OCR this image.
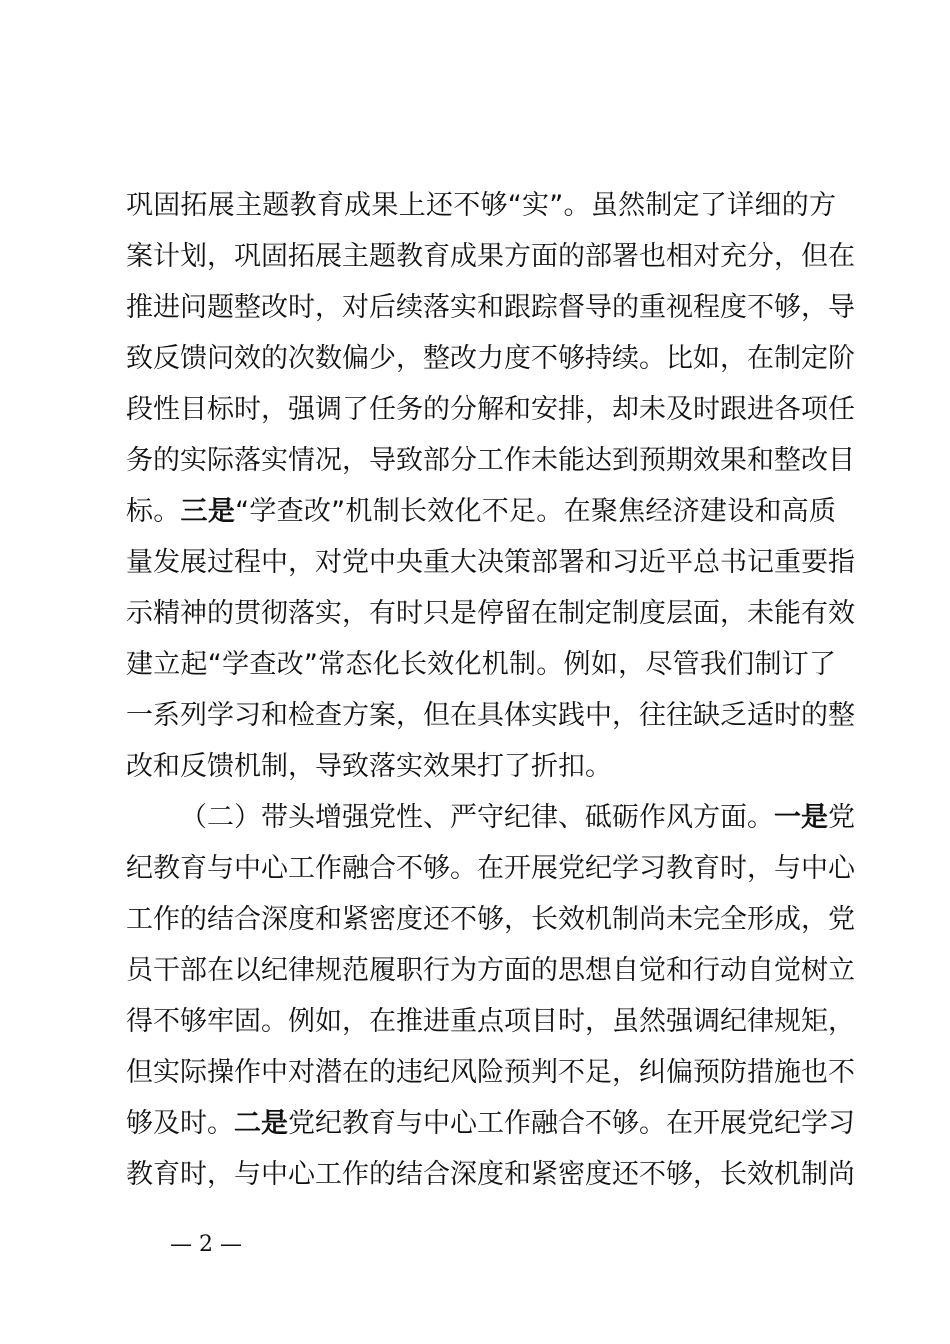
巩固拓展主题教育成果上还不够“实”。虽然制定了详细的方
案计划，巩固拓展主题教育成果方面的部署也相对充分，但在
推进问题整改时，对后续落实和跟踪督导的重视程度不够，导
致反馈问效的次数偏少，整改力度不够持续。比如，在制定阶
段性目标时，强调了任务的分解和安排，却未及时跟进各项任
务的实际落实情况，导致部分工作未能达到预期效果和整改目
标。三是“学查改”机制长效化不足。在聚焦经济建设和高质
量发展过程中，对党中央重大决策部署和习近平总书记重要指
示精神的贯彻落实，有时只是停留在制定制度层面，未能有效
建立起“学查改”常态化长效化机制。例如，尽管我们制订了
一系列学习和检查方案，但在具体实践中，往往缺乏适时的整
改和反馈机制，导致落实效果打了折扣。
（二）带头增强党性、严守纪律、砥砺作风方面。一是党
纪教育与中心工作融合不够。在开展党纪学习教育时，与中心
工作的结合深度和紧密度还不够，长效机制尚未完全形成，党
员干部在以纪律规范履职行为方面的思想自觉和行动自觉树立
得不够牢固。例如，在推进重点项目时，虽然强调纪律规矩，
但实际操作中对潜在的违纪风险预判不足，纠偏预防措施也不
够及时。二是党纪教育与中心工作融合不够。在开展党纪学习
教育时，与中心工作的结合深度和紧密度还不够，长效机制尚
— 2 —
